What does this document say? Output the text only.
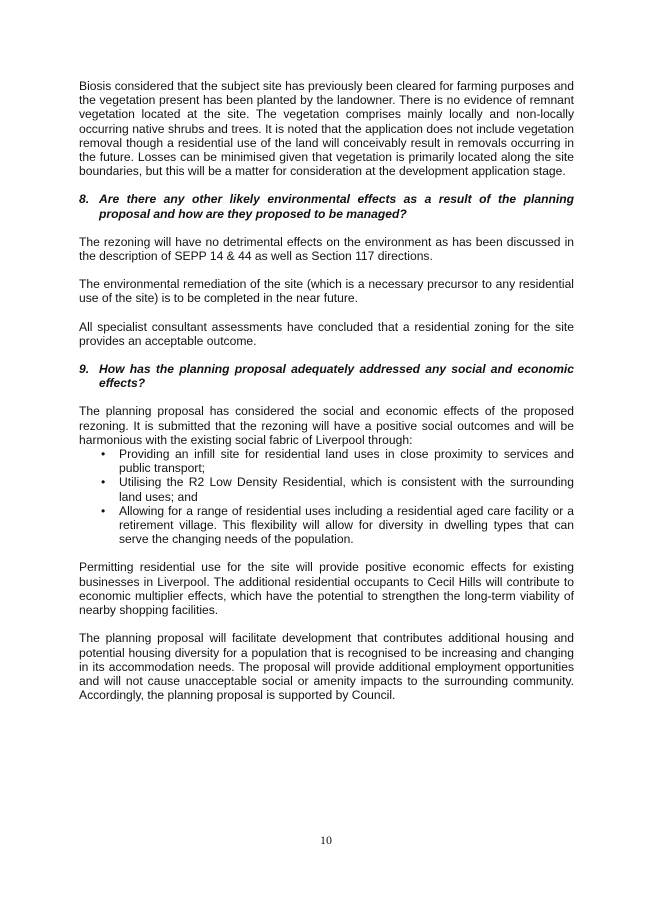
Biosis considered that the subject site has previously been cleared for farming purposes and the vegetation present has been planted by the landowner. There is no evidence of remnant vegetation located at the site. The vegetation comprises mainly locally and non-locally occurring native shrubs and trees. It is noted that the application does not include vegetation removal though a residential use of the land will conceivably result in removals occurring in the future. Losses can be minimised given that vegetation is primarily located along the site boundaries, but this will be a matter for consideration at the development application stage.

8. Are there any other likely environmental effects as a result of the planning proposal and how are they proposed to be managed?

The rezoning will have no detrimental effects on the environment as has been discussed in the description of SEPP 14 & 44 as well as Section 117 directions.

The environmental remediation of the site (which is a necessary precursor to any residential use of the site) is to be completed in the near future.

All specialist consultant assessments have concluded that a residential zoning for the site provides an acceptable outcome.

9. How has the planning proposal adequately addressed any social and economic effects?

The planning proposal has considered the social and economic effects of the proposed rezoning. It is submitted that the rezoning will have a positive social outcomes and will be harmonious with the existing social fabric of Liverpool through:

• Providing an infill site for residential land uses in close proximity to services and public transport;
• Utilising the R2 Low Density Residential, which is consistent with the surrounding land uses; and
• Allowing for a range of residential uses including a residential aged care facility or a retirement village. This flexibility will allow for diversity in dwelling types that can serve the changing needs of the population.

Permitting residential use for the site will provide positive economic effects for existing businesses in Liverpool. The additional residential occupants to Cecil Hills will contribute to economic multiplier effects, which have the potential to strengthen the long-term viability of nearby shopping facilities.

The planning proposal will facilitate development that contributes additional housing and potential housing diversity for a population that is recognised to be increasing and changing in its accommodation needs. The proposal will provide additional employment opportunities and will not cause unacceptable social or amenity impacts to the surrounding community. Accordingly, the planning proposal is supported by Council.

10
